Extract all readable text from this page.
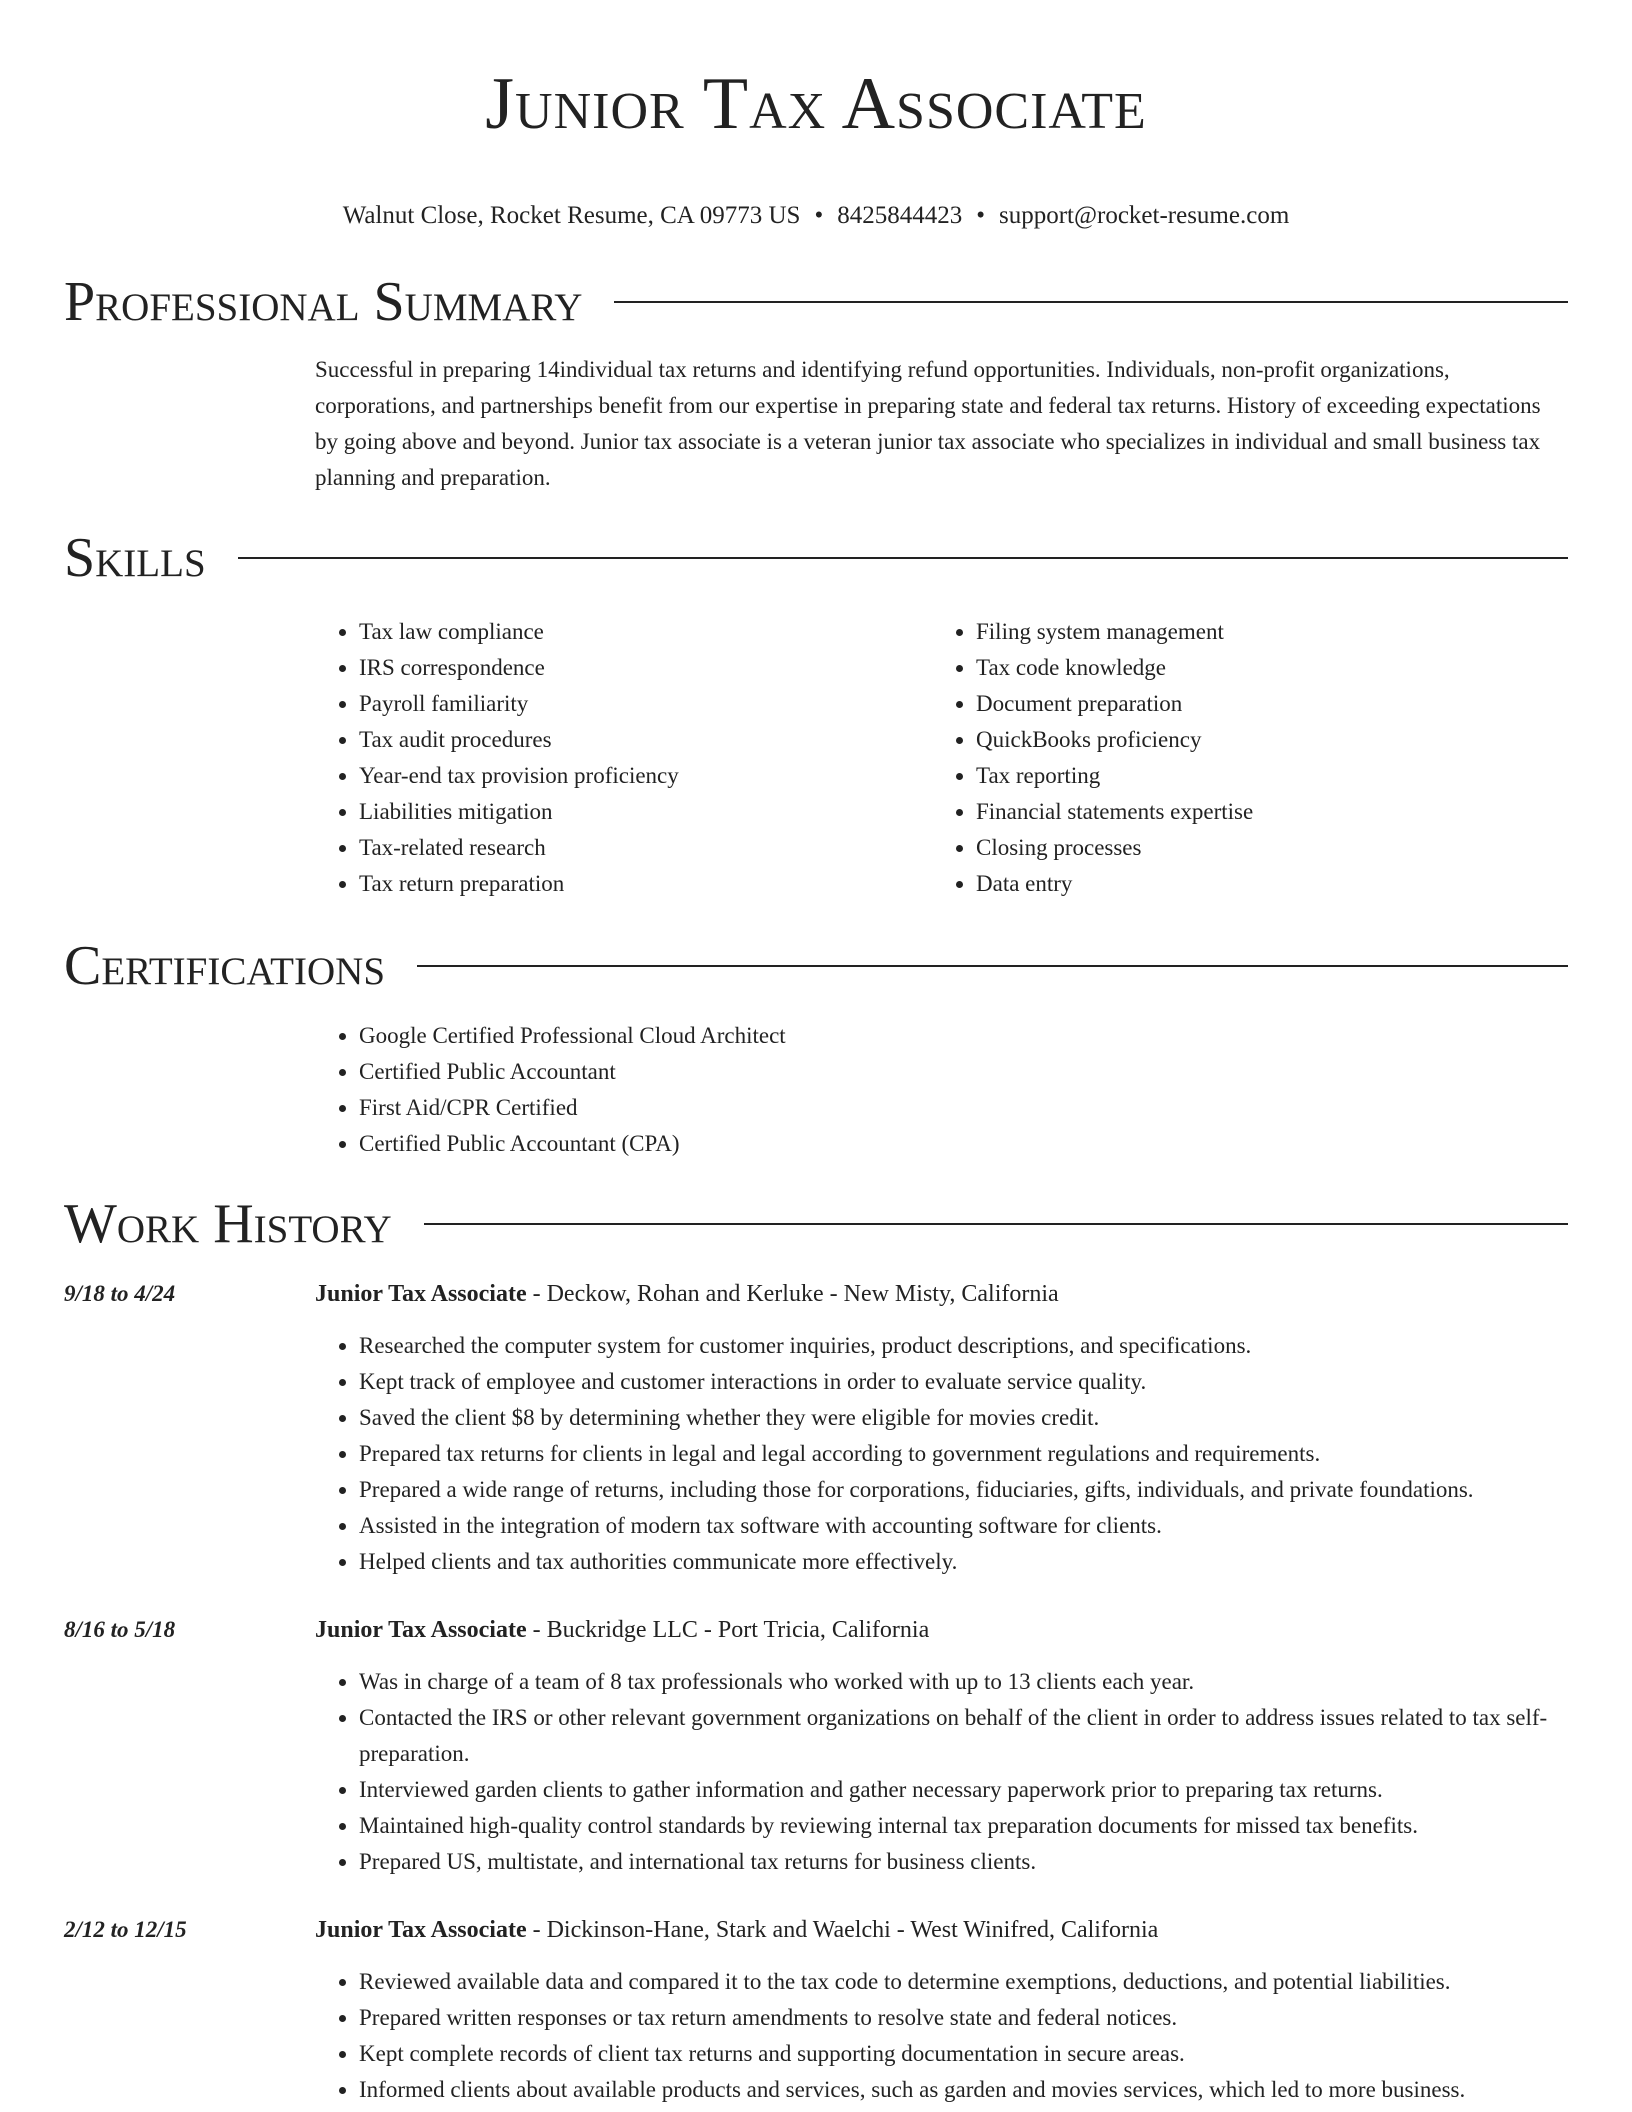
Junior Tax Associate
Walnut Close, Rocket Resume, CA 09773 US • 8425844423 • support@rocket-resume.com
Professional Summary
Successful in preparing 14individual tax returns and identifying refund opportunities. Individuals, non-profit organizations, corporations, and partnerships benefit from our expertise in preparing state and federal tax returns. History of exceeding expectations by going above and beyond. Junior tax associate is a veteran junior tax associate who specializes in individual and small business tax planning and preparation.
Skills
• Tax law compliance
• IRS correspondence
• Payroll familiarity
• Tax audit procedures
• Year-end tax provision proficiency
• Liabilities mitigation
• Tax-related research
• Tax return preparation
• Filing system management
• Tax code knowledge
• Document preparation
• QuickBooks proficiency
• Tax reporting
• Financial statements expertise
• Closing processes
• Data entry
Certifications
• Google Certified Professional Cloud Architect
• Certified Public Accountant
• First Aid/CPR Certified
• Certified Public Accountant (CPA)
Work History
9/18 to 4/24	Junior Tax Associate - Deckow, Rohan and Kerluke - New Misty, California
• Researched the computer system for customer inquiries, product descriptions, and specifications.
• Kept track of employee and customer interactions in order to evaluate service quality.
• Saved the client $8 by determining whether they were eligible for movies credit.
• Prepared tax returns for clients in legal and legal according to government regulations and requirements.
• Prepared a wide range of returns, including those for corporations, fiduciaries, gifts, individuals, and private foundations.
• Assisted in the integration of modern tax software with accounting software for clients.
• Helped clients and tax authorities communicate more effectively.
8/16 to 5/18	Junior Tax Associate - Buckridge LLC - Port Tricia, California
• Was in charge of a team of 8 tax professionals who worked with up to 13 clients each year.
• Contacted the IRS or other relevant government organizations on behalf of the client in order to address issues related to tax self-preparation.
• Interviewed garden clients to gather information and gather necessary paperwork prior to preparing tax returns.
• Maintained high-quality control standards by reviewing internal tax preparation documents for missed tax benefits.
• Prepared US, multistate, and international tax returns for business clients.
2/12 to 12/15	Junior Tax Associate - Dickinson-Hane, Stark and Waelchi - West Winifred, California
• Reviewed available data and compared it to the tax code to determine exemptions, deductions, and potential liabilities.
• Prepared written responses or tax return amendments to resolve state and federal notices.
• Kept complete records of client tax returns and supporting documentation in secure areas.
• Informed clients about available products and services, such as garden and movies services, which led to more business.
